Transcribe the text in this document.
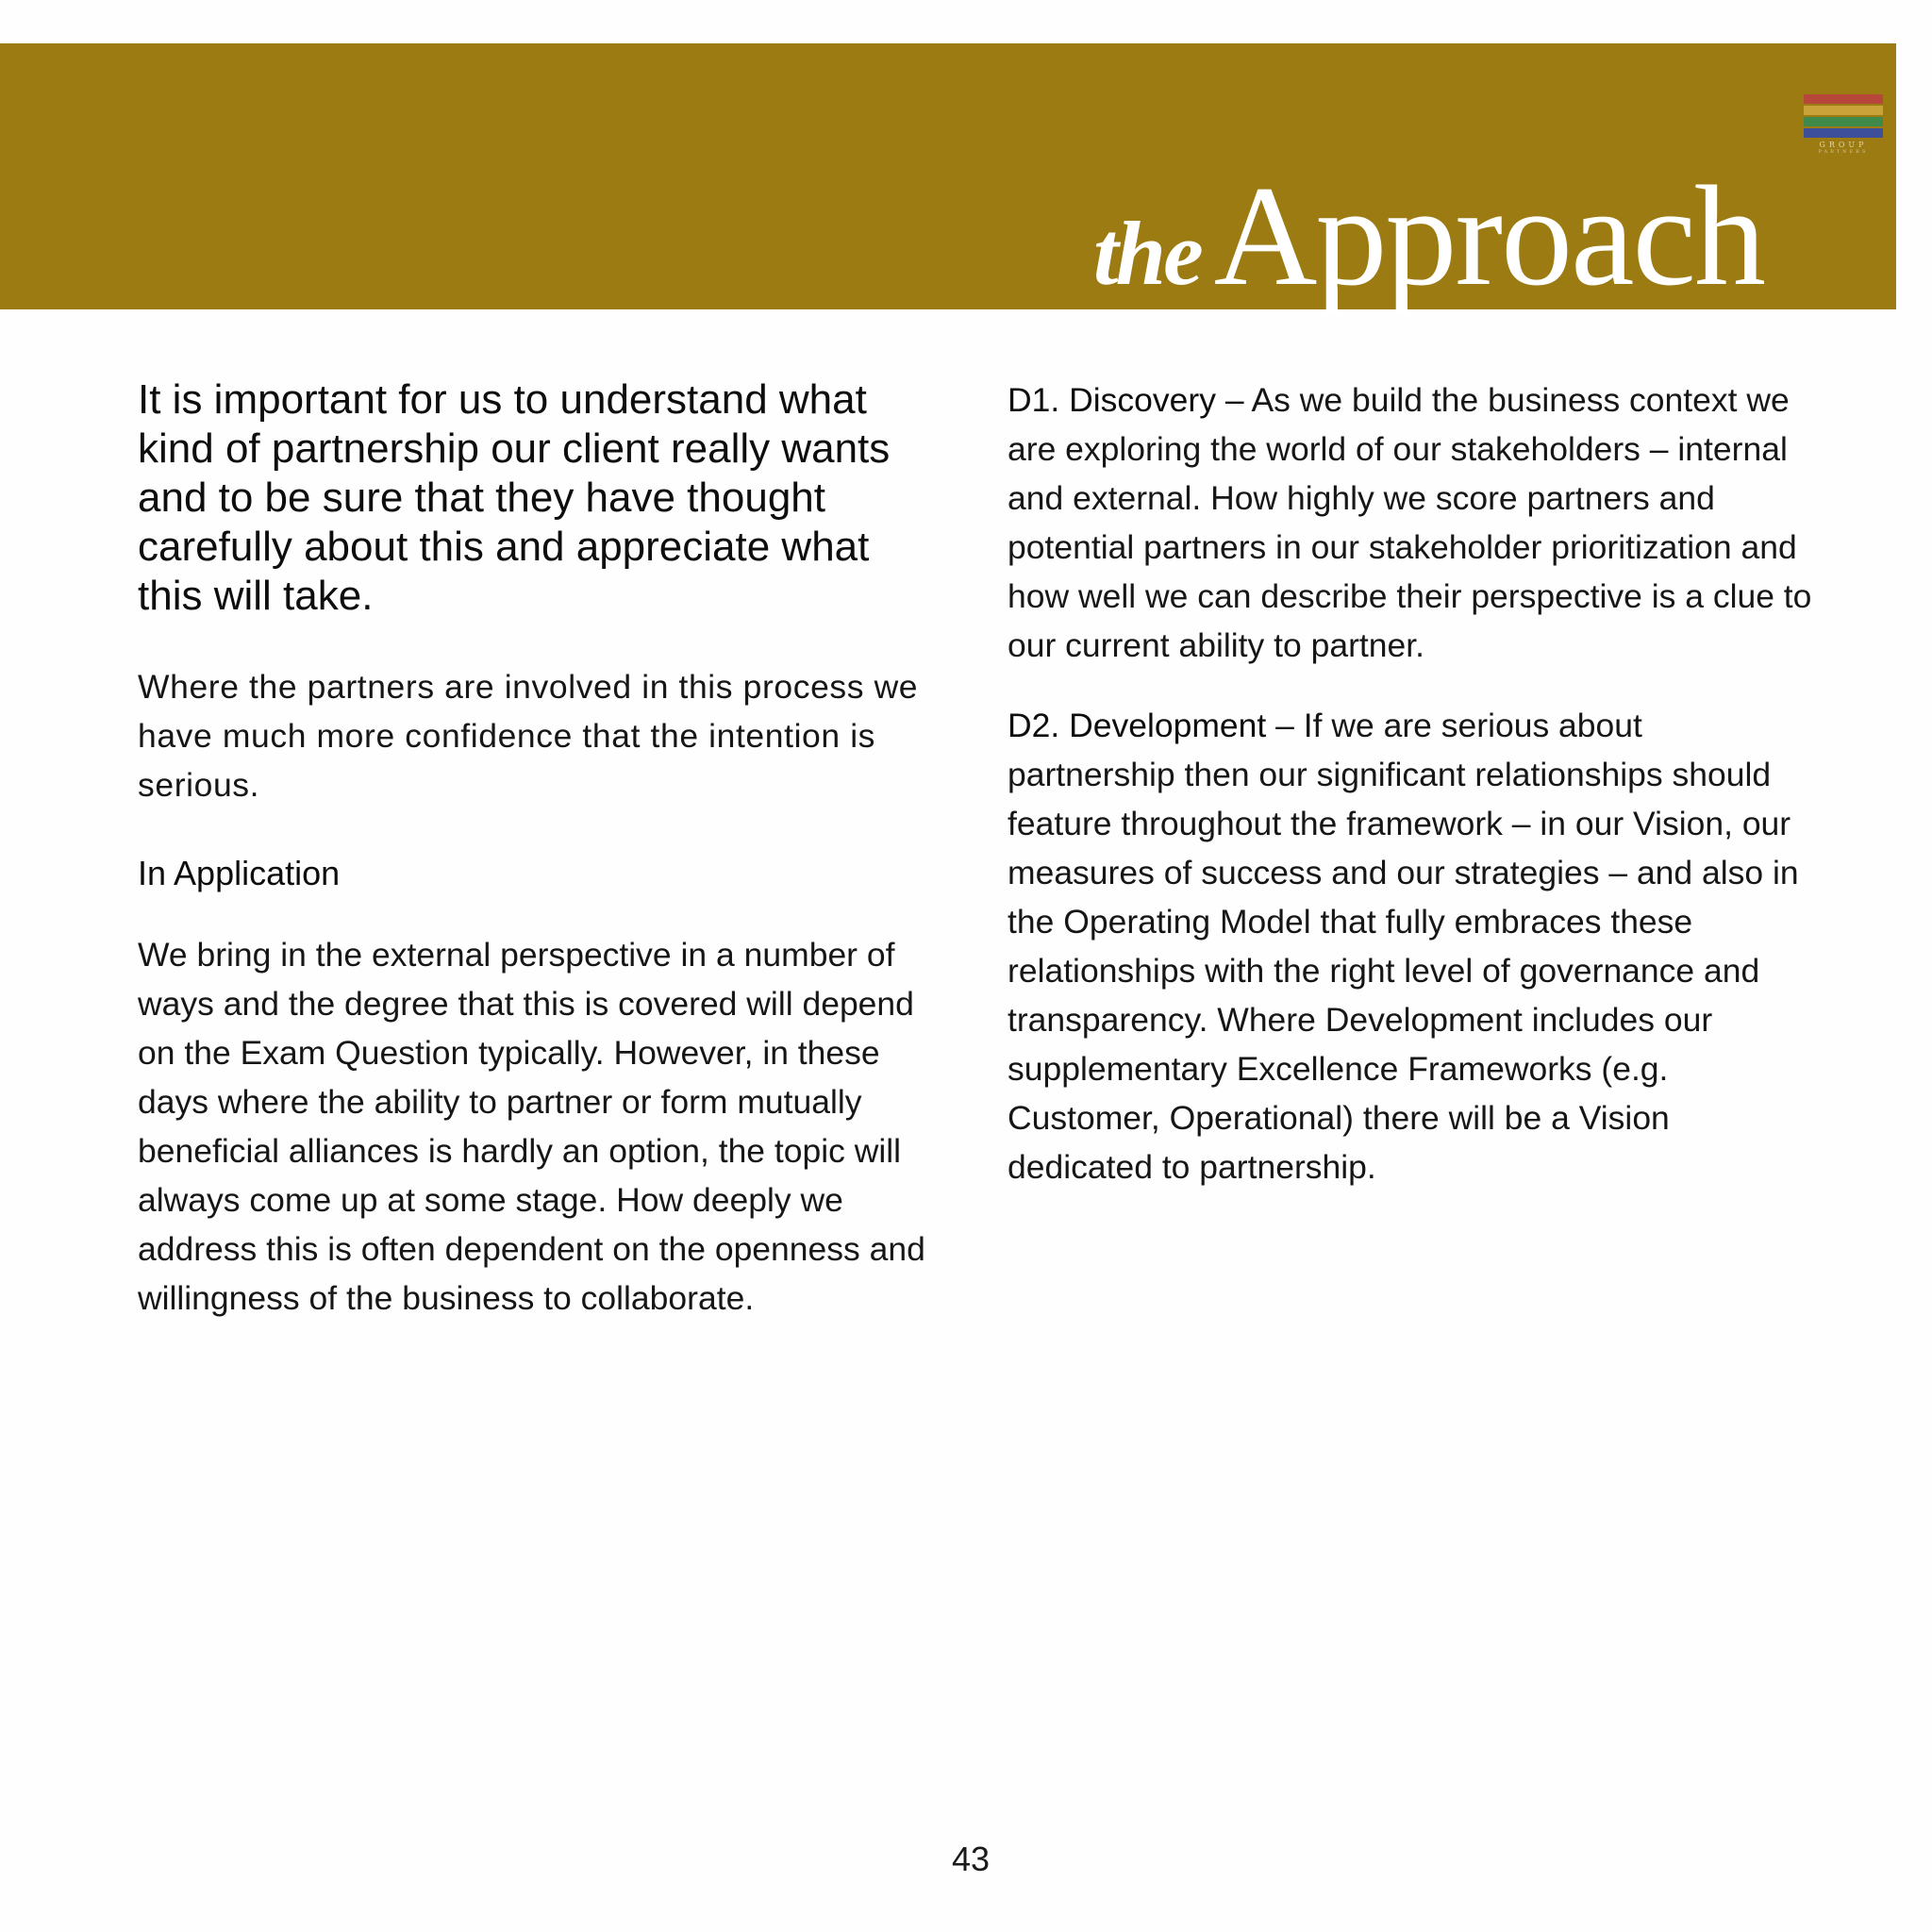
GROUP
PARTNERS
theApproach

It is important for us to understand what kind of partnership our client really wants and to be sure that they have thought carefully about this and appreciate what this will take.

Where the partners are involved in this process we have much more confidence that the intention is serious.

In Application

We bring in the external perspective in a number of ways and the degree that this is covered will depend on the Exam Question typically. However, in these days where the ability to partner or form mutually beneficial alliances is hardly an option, the topic will always come up at some stage. How deeply we address this is often dependent on the openness and willingness of the business to collaborate.

D1. Discovery – As we build the business context we are exploring the world of our stakeholders – internal and external. How highly we score partners and potential partners in our stakeholder prioritization and how well we can describe their perspective is a clue to our current ability to partner.

D2. Development – If we are serious about partnership then our significant relationships should feature throughout the framework – in our Vision, our measures of success and our strategies – and also in the Operating Model that fully embraces these relationships with the right level of governance and transparency. Where Development includes our supplementary Excellence Frameworks (e.g. Customer, Operational) there will be a Vision dedicated to partnership.

43
